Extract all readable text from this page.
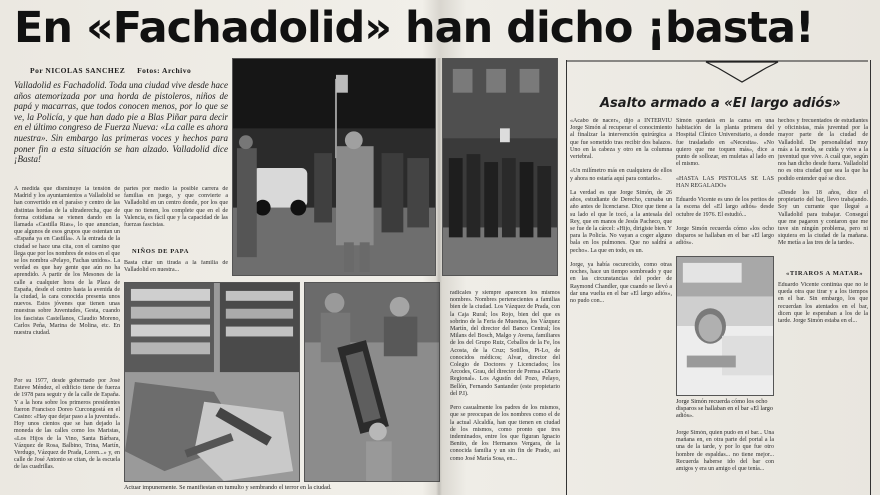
En «Fachadolid» han dicho ¡basta!
Por NICOLAS SANCHEZ Fotos: Archivo
Valladolid es Fachadolid. Toda una ciudad vive desde hace años atemorizada por una horda de pistoleros, niños de papá y macarras, que todos conocen menos, por lo que se ve, la Policía, y que han dado pie a Blas Piñar para decir en el último congreso de Fuerza Nueva: «La calle es ahora nuestra». Sin embargo las primeras voces y hechos para poner fin a esta situación se han alzado. Valladolid dice ¡Basta!
A medida que disminuye la tensión de Madrid y los ayuntamientos a Valladolid se han convertido en el paraíso y centro de las distintas hordas de la ultraderecha, que de forma cotidiana se vienen dando en la llamada «Castilla Rias», lo que anuncian, que algunos de esos grupos que ostentan un «España ya en Castilla». A la entrada de la ciudad se hace una cita, con el camino que llega que por los nombres de estos en el que se los nombra «Pelayo, Fachas unidos». La verdad es que hay gente que aún no ha aprendido. A partir de los Mesones de la calle a cualquier hora de la Plaza de España, desde el centro hasta la avenida de la ciudad, la cara conocida presenta unos nuevos. Estos jóvenes que tienen unas muestras sobre Juventudes, Gesta, cuando los fascistas Castellanos, Claudio Moreno, Carlos Peña, Marina de Molina, etc. En nuestra ciudad.
Por su 1977, desde gobernado por José Esteve Méndez, el edificio tiene de fuerza de 1978 para seguir y de la calle de España. Y a la hora sobre los primeros presidentes fueron Francisco Doreo Curcongostá en el Casino: «Hay que dejar paso a la juventud». Hoy unos cientos que se han dejado la moneda de las calles como los Maristas, «Los Hijos de la Vino, Santa Bárbara, Vázquez de Rosa, Balbino, Trina, Martín, Verdugo, Vázquez de Prada, Loren...» y, en calle de José Antonio se citan, de la escuela de las cuadrillas.
partes por medio la posible carrera de familias en juego, y que convierte a Valladolid en un centro donde, por los que que no tienen, los complete que en el de Valencia, es fácil que y la capacidad de las fuerzas fascistas.
NIÑOS DE PAPA
Basta citar un tirada a la familia de Valladolid en nuestra...
Actuar impunemente. Se manifiestan en tumulto y sembrando el terror en la ciudad.
radicales y siempre aparecen los mismos nombres. Nombres pertenecientes a familias bien de la ciudad. Los Vázquez de Prada, con la Caja Rural; los Rojo, bien del que es sobrino de la Feria de Muestras, los Vázquez Martín, del director del Banco Central; los Milans del Bosch, Malgo y Avena, familiares de los del Grupo Ruiz, Ceballos de la Fe, los Acosta, de la Cruz; Sotillos, Pi-Lo, de conocidos médicos; Alvar, director del Colegio de Doctores y Licenciados; los Arcodes, Grau, del director de Prensa «Diario Regional». Los Agustín del Pozo, Pelayo, Bellón, Fernando Santander (este propietario del P.I).

Pero casualmente los padres de los mismos, que se preocupan de los nombres como el de la actual Alcaldía, han que tienen en ciudad de los mismos, como pronto que tres indeminados, entre los que figuran Ignacio Benito, de los Hermanos Vergara, de la conocida familia y un sin fin de Prado, asi como José María Sosa, en...
Asalto armado a «El largo adiós»
«Acabo de nacer», dijo a INTERVIU Jorge Simón al recuperar el conocimiento al finalizar la intervención quirúrgica a que fue sometido tras recibir dos balazos. Uno en la cabeza y otro en la columna vertebral.

«Un milímetro más en cualquiera de ellos y ahora no estaría aquí para contarlo».

La verdad es que Jorge Simón, de 26 años, estudiante de Derecho, cursaba un año antes de licenciarse. Dice que tiene a su lado el que le tocó, a la antesala del Rey, que en manos de Jesús Pacheco, que se fue de la cárcel: «Hijo, dirigiste bien. Y para la Policía. No vayan a coger alguno bala en los pulmones. Que no saldrá a pecho». La que en todo, es un.

Jorge, ya había oscurecido, como otras noches, hace un tiempo sombreado y que en las circunstancias del poder de Raymond Chandler, que cuando se llevó a dar una vuelta en el bar «El largo adiós», no pudo con...
Simón quedará en la cama en una habitación de la planta primera del Hospital Clínico Universitario, a donde fue trasladado en «Necesita». «No quiero que me toquen más», dice a punto de sollozar, en muletas al lado en el mismo.

«HASTA LAS PISTOLAS SE LAS HAN REGALADO»

Eduardo Vicente es uno de los peritos de la escena del «El largo adiós» desde octubre de 1976. El estudió...

Jorge Simón recuerda cómo «los ocho disparos se hallaban en el bar «El largo adiós».
Jorge Simón recuerda cómo los ocho disparos se hallaban en el bar «El largo adiós».
Jorge Simón, quien pudo en el bar... Una mañana en, en otra parte del portal a la una de la tarde, y por lo que fue otro hombre de espaldas... no tiene mejor... Recuerda haberse ido del bar con amigos y era un amigo el que tenía...
hechos y frecuentados de estudiantes y oficinistas, más juventud por la mayor parte de la ciudad de Valladolid. De personalidad muy más a la moda, se cuida y vive a la juventud que vive. A cuál que, según nos han dicho desde fuera. Valladolid no es otra ciudad que sea la que ha podido entender qué se dice.

«Desde los 18 años, dice el propietario del bar, llevo trabajando. Soy un currante que llegué a Valladolid para trabajar. Conseguí que me pagaron y contaron que me tuve sin ningún problema, pero ni siquiera en la ciudad de la mañana. Me metía a las tres de la tarde».
«TIRAROS A MATAR»
Eduardo Vicente continúa que no le queda otra que tirar y a los tiempos en el bar. Sin embargo, los que recuerdan los atentados en el bar, dicen que le esperaban a los de la tarde. Jorge Simón estaba en el...
